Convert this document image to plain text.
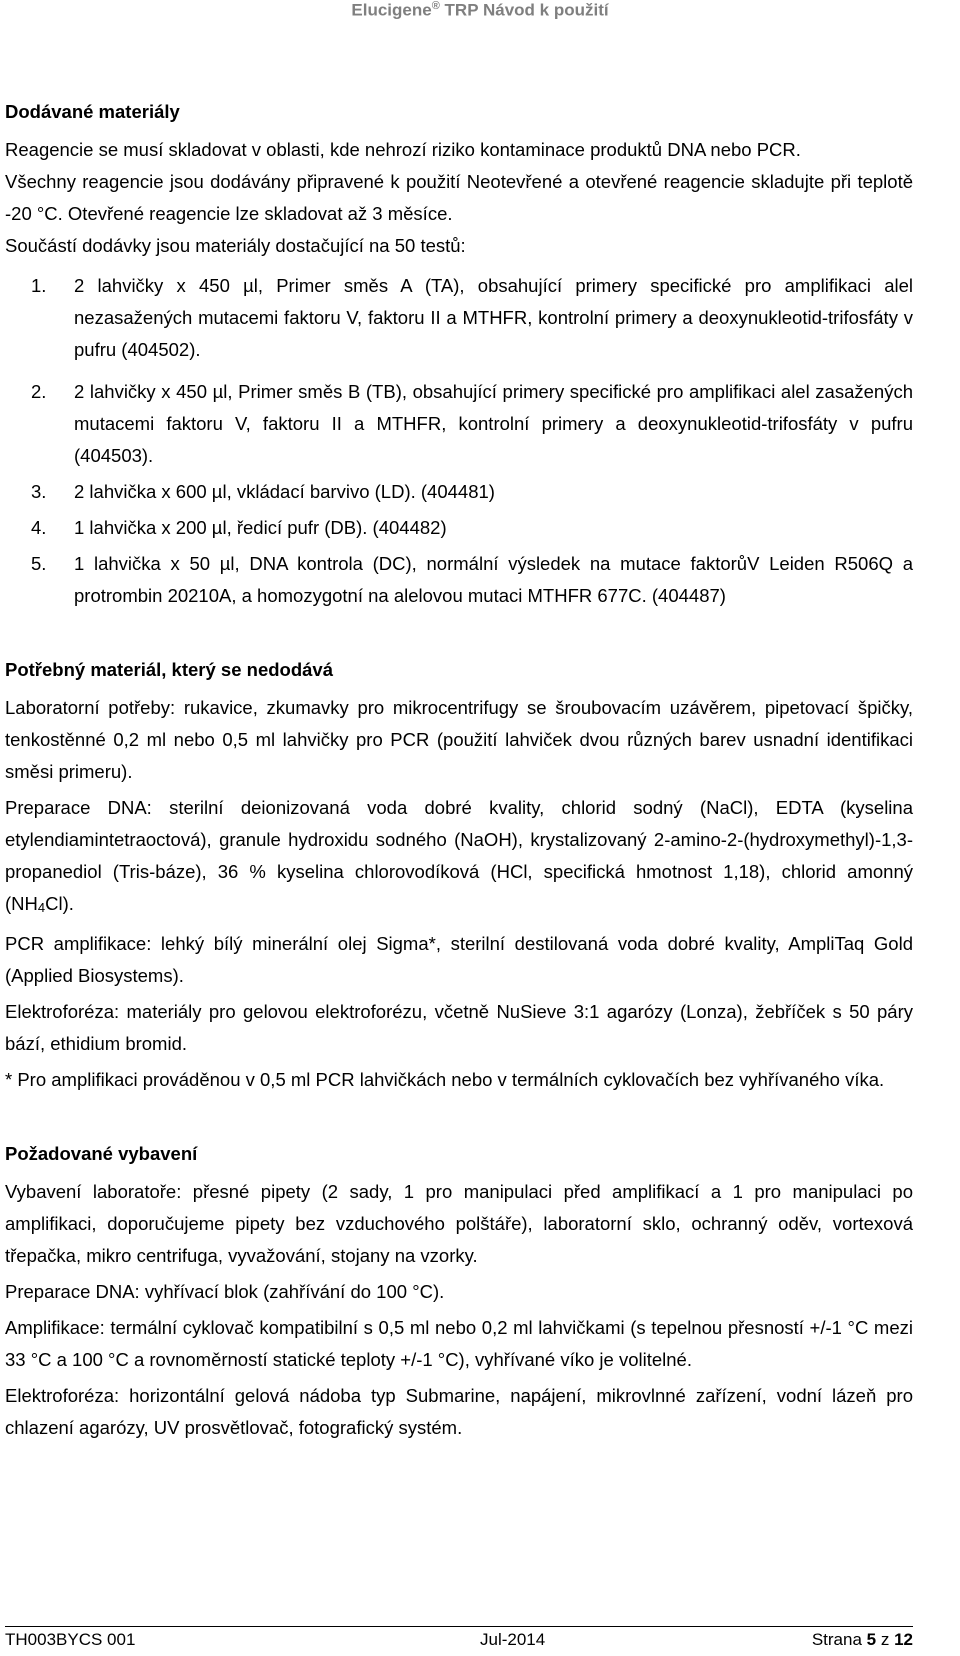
Elucigene® TRP Návod k použití

Dodávané materiály

Reagencie se musí skladovat v oblasti, kde nehrozí riziko kontaminace produktů DNA nebo PCR.

Všechny reagencie jsou dodávány připravené k použití Neotevřené a otevřené reagencie skladujte při teplotě -20 °C. Otevřené reagencie lze skladovat až 3 měsíce.

Součástí dodávky jsou materiály dostačující na 50 testů:

1. 2 lahvičky x 450 µl, Primer směs A (TA), obsahující primery specifické pro amplifikaci alel nezasažených mutacemi faktoru V, faktoru II a MTHFR, kontrolní primery a deoxynukleotid-trifosfáty v pufru (404502).
2. 2 lahvičky x 450 µl, Primer směs B (TB), obsahující primery specifické pro amplifikaci alel zasažených mutacemi faktoru V, faktoru II a MTHFR, kontrolní primery a deoxynukleotid-trifosfáty v pufru (404503).
3. 2 lahvička x 600 µl, vkládací barvivo (LD). (404481)
4. 1 lahvička x 200 µl, ředicí pufr (DB). (404482)
5. 1 lahvička x 50 µl, DNA kontrola (DC), normální výsledek na mutace faktorůV Leiden R506Q a protrombin 20210A, a homozygotní na alelovou mutaci MTHFR 677C. (404487)

Potřebný materiál, který se nedodává

Laboratorní potřeby: rukavice, zkumavky pro mikrocentrifugy se šroubovacím uzávěrem, pipetovací špičky, tenkostěnné 0,2 ml nebo 0,5 ml lahvičky pro PCR (použití lahviček dvou různých barev usnadní identifikaci směsi primeru).

Preparace DNA: sterilní deionizovaná voda dobré kvality, chlorid sodný (NaCl), EDTA (kyselina etylendiamintetraoctová), granule hydroxidu sodného (NaOH), krystalizovaný 2-amino-2-(hydroxymethyl)-1,3-propanediol (Tris-báze), 36 % kyselina chlorovodíková (HCl, specifická hmotnost 1,18), chlorid amonný $(NH_4Cl)$.

PCR amplifikace: lehký bílý minerální olej Sigma*, sterilní destilovaná voda dobré kvality, AmpliTaq Gold (Applied Biosystems).

Elektroforéza: materiály pro gelovou elektroforézu, včetně NuSieve 3:1 agarózy (Lonza), žebříček s 50 páry bází, ethidium bromid.

* Pro amplifikaci prováděnou v 0,5 ml PCR lahvičkách nebo v termálních cyklovačích bez vyhřívaného víka.

Požadované vybavení

Vybavení laboratoře: přesné pipety (2 sady, 1 pro manipulaci před amplifikací a 1 pro manipulaci po amplifikaci, doporučujeme pipety bez vzduchového polštáře), laboratorní sklo, ochranný oděv, vortexová třepačka, mikro centrifuga, vyvažování, stojany na vzorky.

Preparace DNA: vyhřívací blok (zahřívání do 100 °C).

Amplifikace: termální cyklovač kompatibilní s 0,5 ml nebo 0,2 ml lahvičkami (s tepelnou přesností +/-1 °C mezi 33 °C a 100 °C a rovnoměrností statické teploty +/-1 °C), vyhřívané víko je volitelné.

Elektroforéza: horizontální gelová nádoba typ Submarine, napájení, mikrovlnné zařízení, vodní lázeň pro chlazení agarózy, UV prosvětlovač, fotografický systém.

TH003BYCS 001	Jul-2014	Strana 5 z 12
